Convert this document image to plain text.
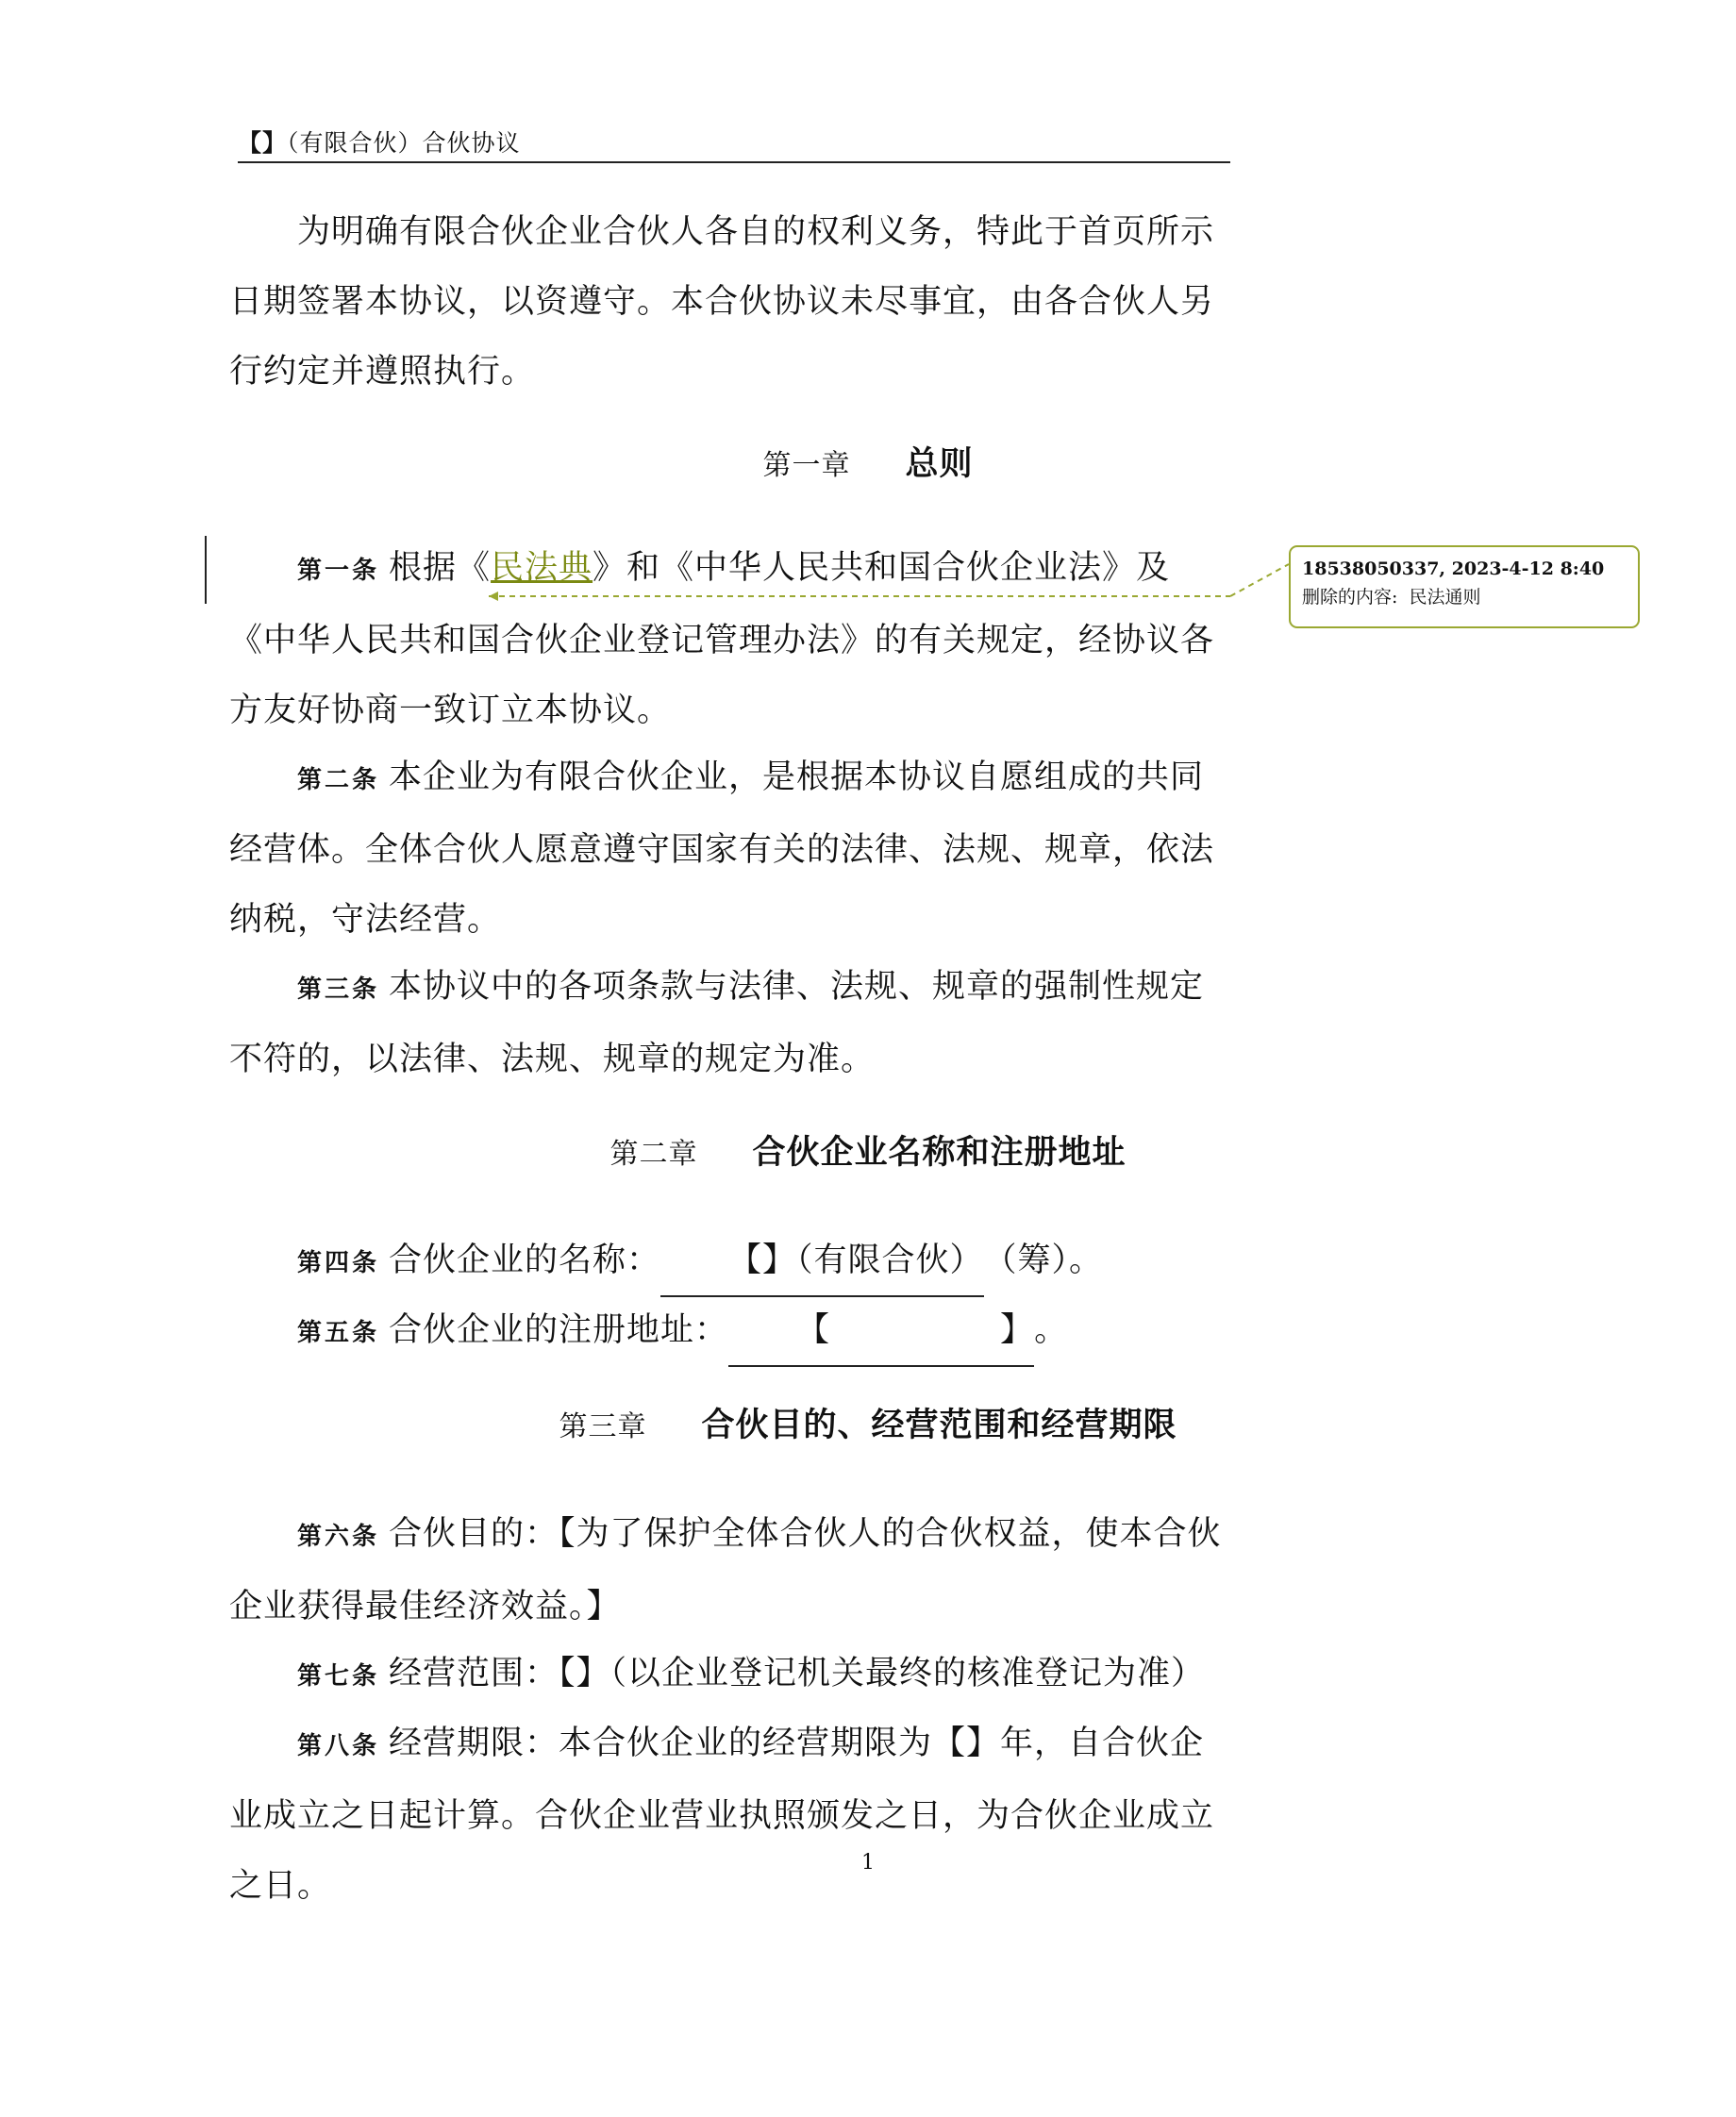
【】（有限合伙）合伙协议
为明确有限合伙企业合伙人各自的权利义务，特此于首页所示日期签署本协议，以资遵守。本合伙协议未尽事宜，由各合伙人另行约定并遵照执行。
第一章 总则
第一条 根据《民法典》和《中华人民共和国合伙企业法》及《中华人民共和国合伙企业登记管理办法》的有关规定，经协议各方友好协商一致订立本协议。
第二条 本企业为有限合伙企业，是根据本协议自愿组成的共同经营体。全体合伙人愿意遵守国家有关的法律、法规、规章，依法纳税，守法经营。
第三条 本协议中的各项条款与法律、法规、规章的强制性规定不符的，以法律、法规、规章的规定为准。
第二章 合伙企业名称和注册地址
第四条 合伙企业的名称： 【】（有限合伙）（筹）。
第五条 合伙企业的注册地址： 【	】。
第三章 合伙目的、经营范围和经营期限
第六条 合伙目的：【为了保护全体合伙人的合伙权益，使本合伙企业获得最佳经济效益。】
第七条 经营范围：【】（以企业登记机关最终的核准登记为准）
第八条 经营期限：本合伙企业的经营期限为【】年，自合伙企业成立之日起计算。合伙企业营业执照颁发之日，为合伙企业成立之日。
18538050337, 2023-4-12 8:40
删除的内容: 民法通则
1
